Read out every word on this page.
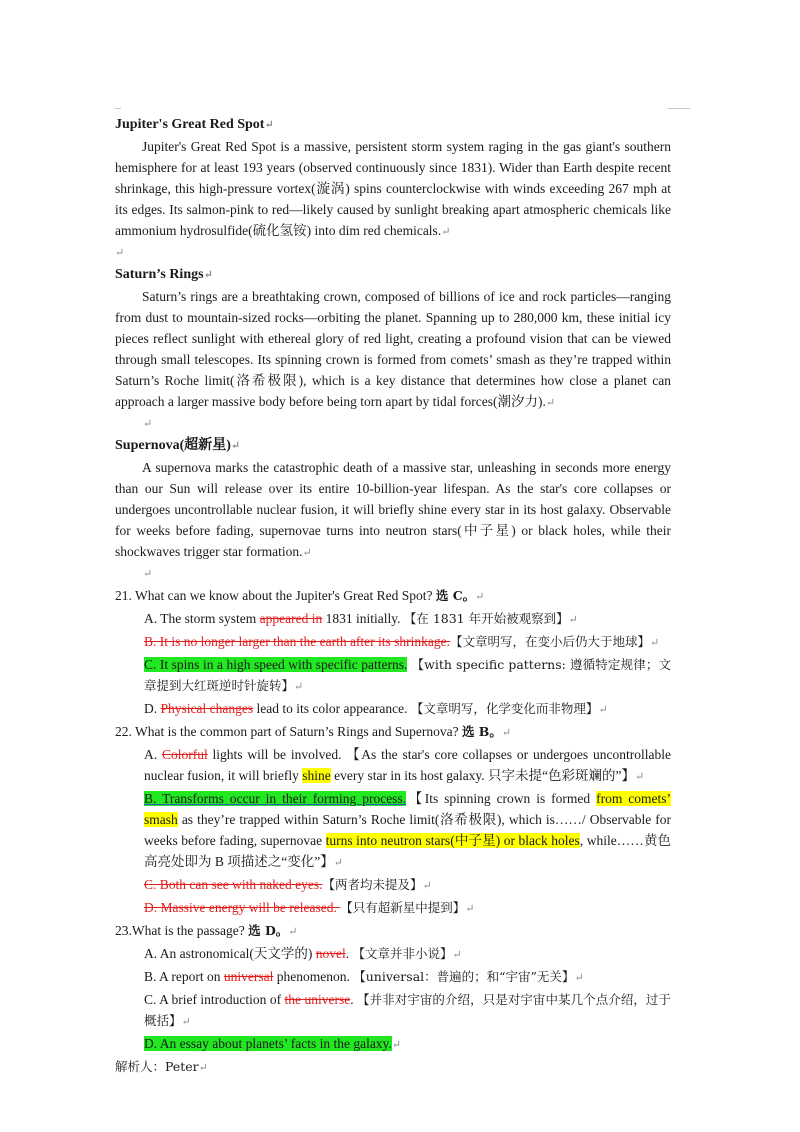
Jupiter's Great Red Spot↵

Jupiter's Great Red Spot is a massive, persistent storm system raging in the gas giant's southern hemisphere for at least 193 years (observed continuously since 1831). Wider than Earth despite recent shrinkage, this high-pressure vortex(漩涡) spins counterclockwise with winds exceeding 267 mph at its edges. Its salmon-pink to red—likely caused by sunlight breaking apart atmospheric chemicals like ammonium hydrosulfide(硫化氢铵) into dim red chemicals.↵

↵

Saturn’s Rings↵

Saturn’s rings are a breathtaking crown, composed of billions of ice and rock particles—ranging from dust to mountain-sized rocks—orbiting the planet. Spanning up to 280,000 km, these initial icy pieces reflect sunlight with ethereal glory of red light, creating a profound vision that can be viewed through small telescopes. Its spinning crown is formed from comets’ smash as they’re trapped within Saturn’s Roche limit(洛希极限), which is a key distance that determines how close a planet can approach a larger massive body before being torn apart by tidal forces(潮汐力).↵

↵

Supernova(超新星)↵

A supernova marks the catastrophic death of a massive star, unleashing in seconds more energy than our Sun will release over its entire 10-billion-year lifespan. As the star's core collapses or undergoes uncontrollable nuclear fusion, it will briefly shine every star in its host galaxy. Observable for weeks before fading, supernovae turns into neutron stars(中子星) or black holes, while their shockwaves trigger star formation.↵

↵

21. What can we know about the Jupiter's Great Red Spot? 选 C。↵

A. The storm system appeared in 1831 initially. 【在 1831 年开始被观察到】↵

B. It is no longer larger than the earth after its shrinkage.【文章明写，在变小后仍大于地球】↵

C. It spins in a high speed with specific patterns. 【with specific patterns: 遵循特定规律；文章提到大红斑逆时针旋转】↵

D. Physical changes lead to its color appearance. 【文章明写，化学变化而非物理】↵

22. What is the common part of Saturn’s Rings and Supernova? 选 B。↵

A. Colorful lights will be involved. 【As the star's core collapses or undergoes uncontrollable nuclear fusion, it will briefly shine every star in its host galaxy. 只字未提“色彩斑斓的”】↵

B. Transforms occur in their forming process.【Its spinning crown is formed from comets’ smash as they’re trapped within Saturn’s Roche limit(洛希极限), which is……/ Observable for weeks before fading, supernovae turns into neutron stars(中子星) or black holes, while……黄色高亮处即为 B 项描述之“变化”】↵

C. Both can see with naked eyes.【两者均未提及】↵

D. Massive energy will be released. 【只有超新星中提到】↵

23.What is the passage? 选 D。↵

A. An astronomical(天文学的) novel. 【文章并非小说】↵

B. A report on universal phenomenon. 【universal：普遍的；和“宇宙”无关】↵

C. A brief introduction of the universe. 【并非对宇宙的介绍，只是对宇宙中某几个点介绍，过于概括】↵

D. An essay about planets’ facts in the galaxy.↵

解析人：Peter↵
